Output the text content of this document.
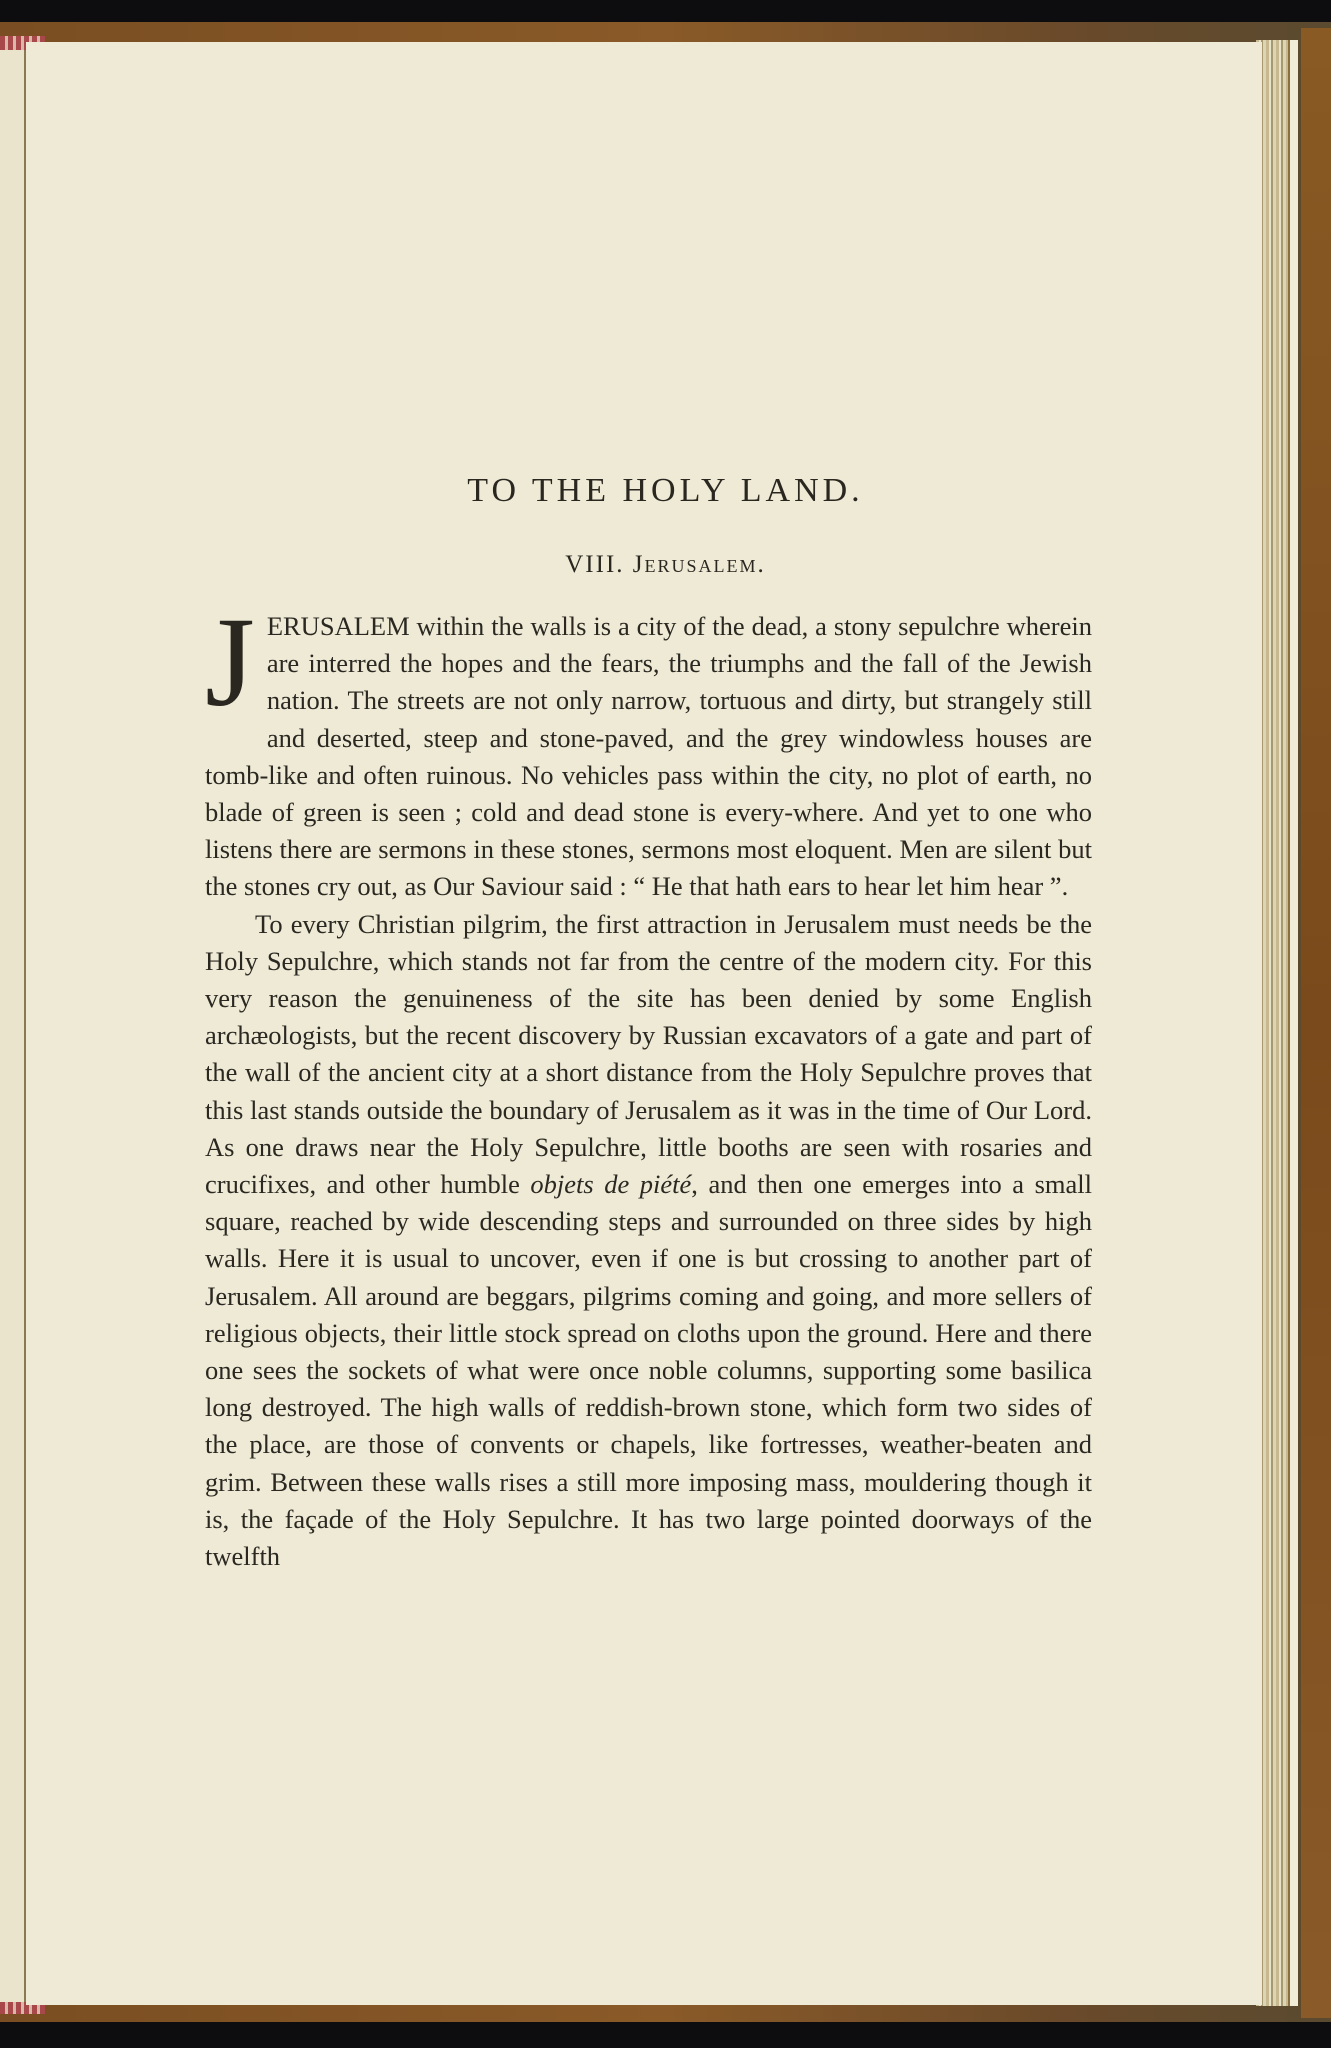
TO THE HOLY LAND.
VIII. Jerusalem.

JERUSALEM within the walls is a city of the dead, a stony sepulchre wherein are interred the hopes and the fears, the triumphs and the fall of the Jewish nation. The streets are not only narrow, tortuous and dirty, but strangely still and deserted, steep and stone-paved, and the grey windowless houses are tomb-like and often ruinous. No vehicles pass within the city, no plot of earth, no blade of green is seen ; cold and dead stone is every-where. And yet to one who listens there are sermons in these stones, sermons most eloquent. Men are silent but the stones cry out, as Our Saviour said : “ He that hath ears to hear let him hear ”.

To every Christian pilgrim, the first attraction in Jerusalem must needs be the Holy Sepulchre, which stands not far from the centre of the modern city. For this very reason the genuineness of the site has been denied by some English archæologists, but the recent discovery by Russian excavators of a gate and part of the wall of the ancient city at a short distance from the Holy Sepulchre proves that this last stands outside the boundary of Jerusalem as it was in the time of Our Lord. As one draws near the Holy Sepulchre, little booths are seen with rosaries and crucifixes, and other humble objets de piété, and then one emerges into a small square, reached by wide descending steps and surrounded on three sides by high walls. Here it is usual to uncover, even if one is but crossing to another part of Jerusalem. All around are beggars, pilgrims coming and going, and more sellers of religious objects, their little stock spread on cloths upon the ground. Here and there one sees the sockets of what were once noble columns, supporting some basilica long destroyed. The high walls of reddish-brown stone, which form two sides of the place, are those of convents or chapels, like fortresses, weather-beaten and grim. Between these walls rises a still more imposing mass, mouldering though it is, the façade of the Holy Sepulchre. It has two large pointed doorways of the twelfth
